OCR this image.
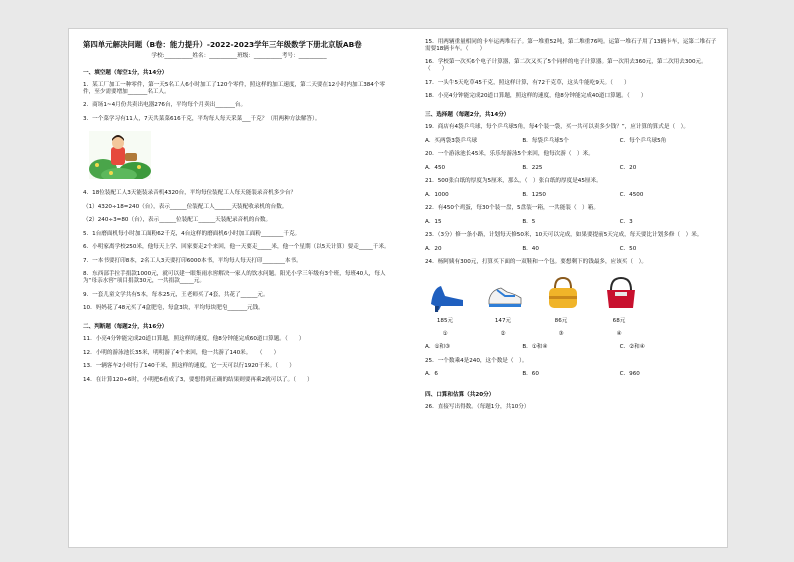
第四单元解决问题（B卷：能力提升）-2022-2023学年三年级数学下册北京版AB卷
学校:__________姓名：__________班级：__________考号：__________
一、填空题（每空1分，共14分）
1．某工厂加工一种零件，第一天5名工人6小时加工了120个零件，照这样的加工速度，第二天要在12小时内加工384个零件，至少需要增加_______名工人。
2．商场1~4月份共卖出电器276台，平均每个月卖出_______台。
3．一个菜学习有11人，7天共菜菜616千克，平均每人每天采菜___千克？（用两种方法解答）。
4．18位装配工人3天能装录音机4320台，平均每位装配工人每天能装录音机多少台？
（1）4320÷18=240（台），表示______位装配工人______天装配收录机的台数。
（2）240÷3=80（台），表示______位装配工______天装配录音机的台数。
5．1台磨面机每小时加工面粉62千克，4台这样的磨面机6小时加工面粉________千克。
6．小明家离学校250米，他每天上学、回家要走2个来回，他一天要走_____米，他一个星期（以5天计算）要走_____千米。
7．一本书要打印8本，2名工人3天要打印6000本书，平均每人每天打印________本书。
8．东西部手拉手捐款1000元，就可以建一眼集雨水窖解决一家人的饮水问题。阳光小学三年级有3个班，每班40人，每人为“母亲水窖”项目捐款30元，一共捐款_____元。
9．一套儿童文学共有5本，每本25元，王老师买了4套，共花了______元。
10．妈妈花了48元买了4盒肥皂，每盒3块，平均每块肥皂_______元钱。
二、判断题（每题2分，共16分）
11．小亮4分钟能完成20道口算题，照这样的速度，他8分钟能完成60道口算题。（　　）
12．小明的游泳池长35米，明明游了4个来回，他一共游了140米。　　（　　）
13．一辆客车2小时行了140千米，照这样的速度，它一天可以行1920千米。（　　）
14．在计算120÷6时，小明把6看成了3，要想得到正确的结果则要再乘2就可以了。（　　）
15．用两辆重量相同的卡车运两堆石子。第一堆重52吨，第二堆重76吨。运第一堆石子用了13辆卡车，运第二堆石子需要18辆卡车。（　　）
16．学校第一次买6个电子计算器，第二次又买了5个同样的电子计算器。第一次用去360元，第二次用去300元。（　　）
17．一头牛5天吃草45千克，照这样计算，有72千克草，这头牛能吃9天。（　　）
18．小亮4分钟能完成20道口算题，照这样的速度，他8分钟能完成40道口算题。（　　）
三、选择题（每题2分，共14分）
19．商店有4袋乒乓球，每个乒乓球5角，每4个装一袋，买一共可以卖多少钱？”，应计算的算式是（　）。
A．买两袋3袋乒乓球	B．每袋乒乓球5个	C．每个乒乓球5角
20．一个游泳池长45米，乐乐每游泳5个来回，他每次游（　）米。
A．450	B．225	C．20
21．500张白纸的厚度为5厘米，那么，（　）张白纸的厚度是45厘米。
A．1000	B．1250	C．4500
22．有450个鸡蛋，每30个装一盘，5盘装一箱，一共能装（　）箱。
A．15	B．5	C．3
23．（3分）修一条小路，计划每天修50米，10天可以完成，如果要提前5天完成，每天要比计划多修（　）米。
A．20	B．40	C．50
24．杨阿姨有300元，打算买下面的一双鞋和一个包。要想剩下的钱最多，应该买（　）。
185元	147元	86元	68元
①	②	③	④
A．①和③	B．①和④	C．②和④
25．一个数乘4是240，这个数是（　）。
A．6	B．60	C．960
四、口算和估算（共20分）
26．直接写出得数。（每题1分，共10分）
